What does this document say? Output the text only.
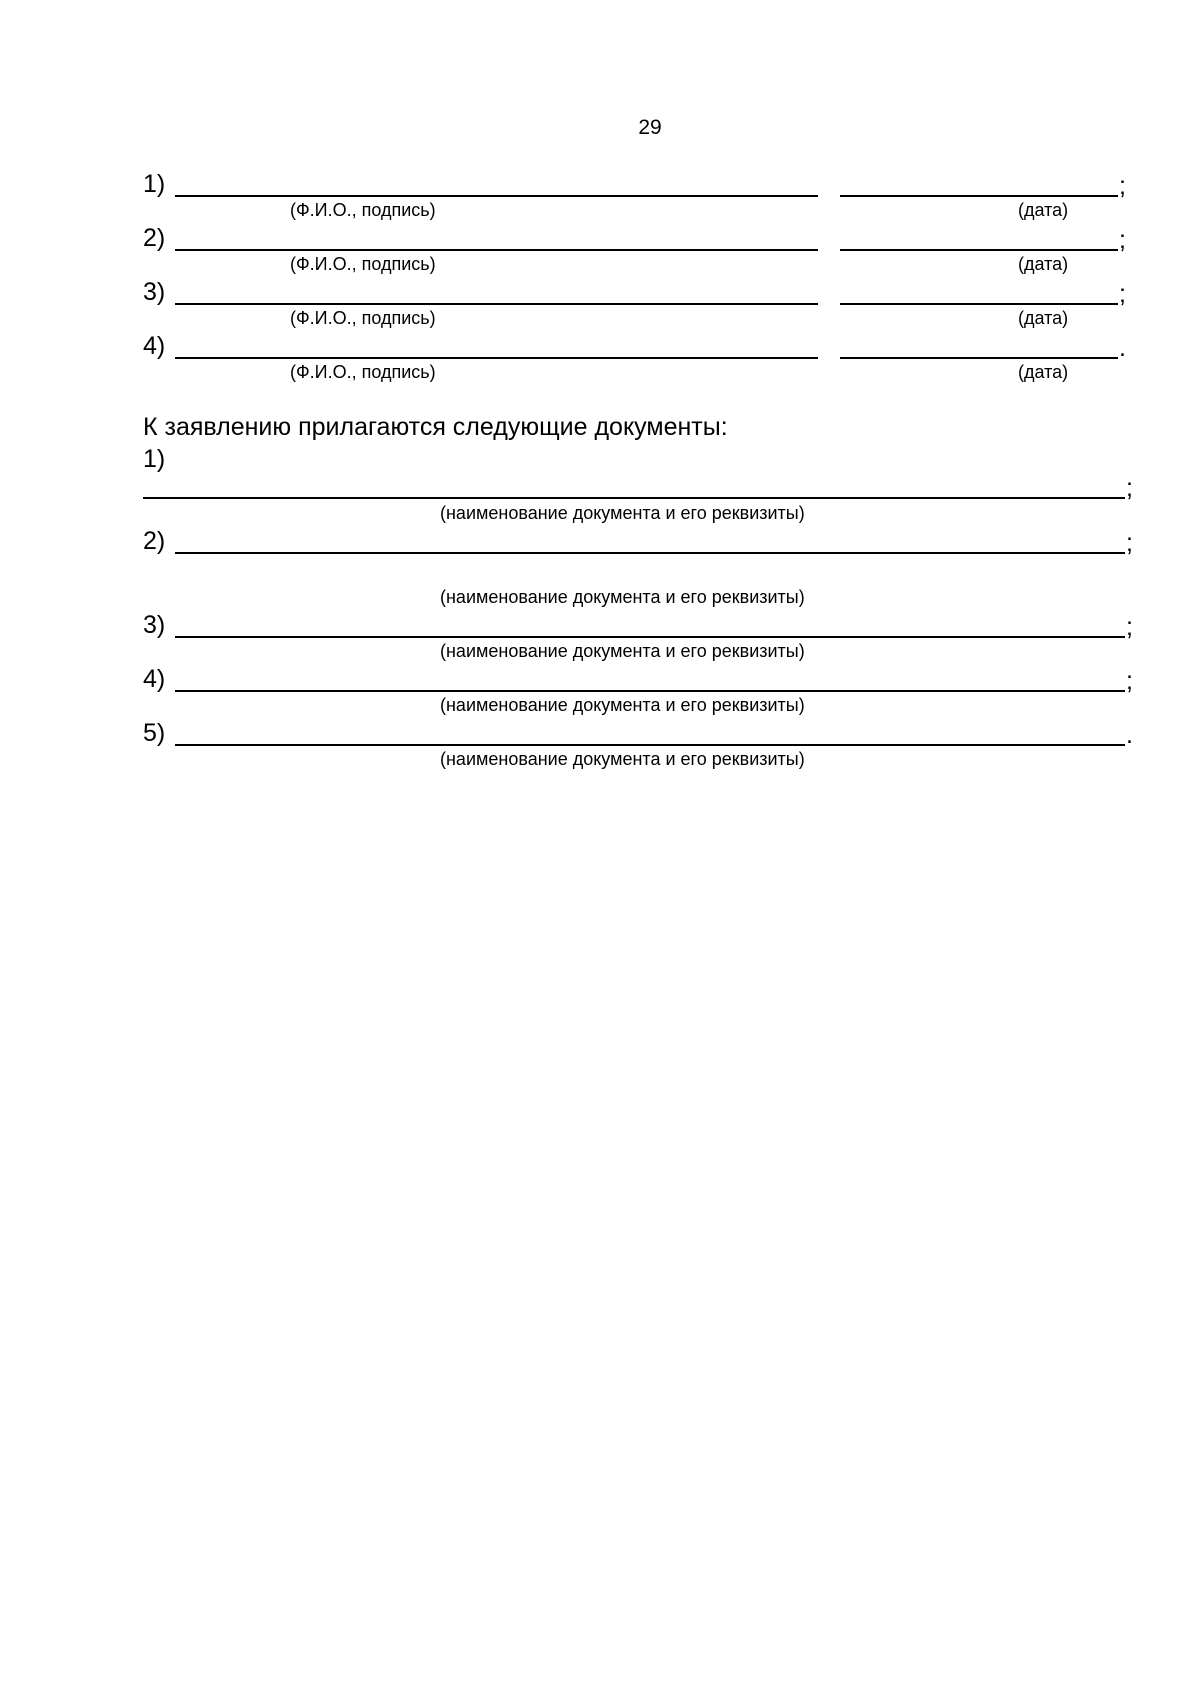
29
1)	;
(Ф.И.О., подпись)	(дата)
2)	;
(Ф.И.О., подпись)	(дата)
3)	;
(Ф.И.О., подпись)	(дата)
4)	.
(Ф.И.О., подпись)	(дата)
К заявлению прилагаются следующие документы:
1)
;
(наименование документа и его реквизиты)
2)	;
(наименование документа и его реквизиты)
3)	;
(наименование документа и его реквизиты)
4)	;
(наименование документа и его реквизиты)
5)	.
(наименование документа и его реквизиты)
